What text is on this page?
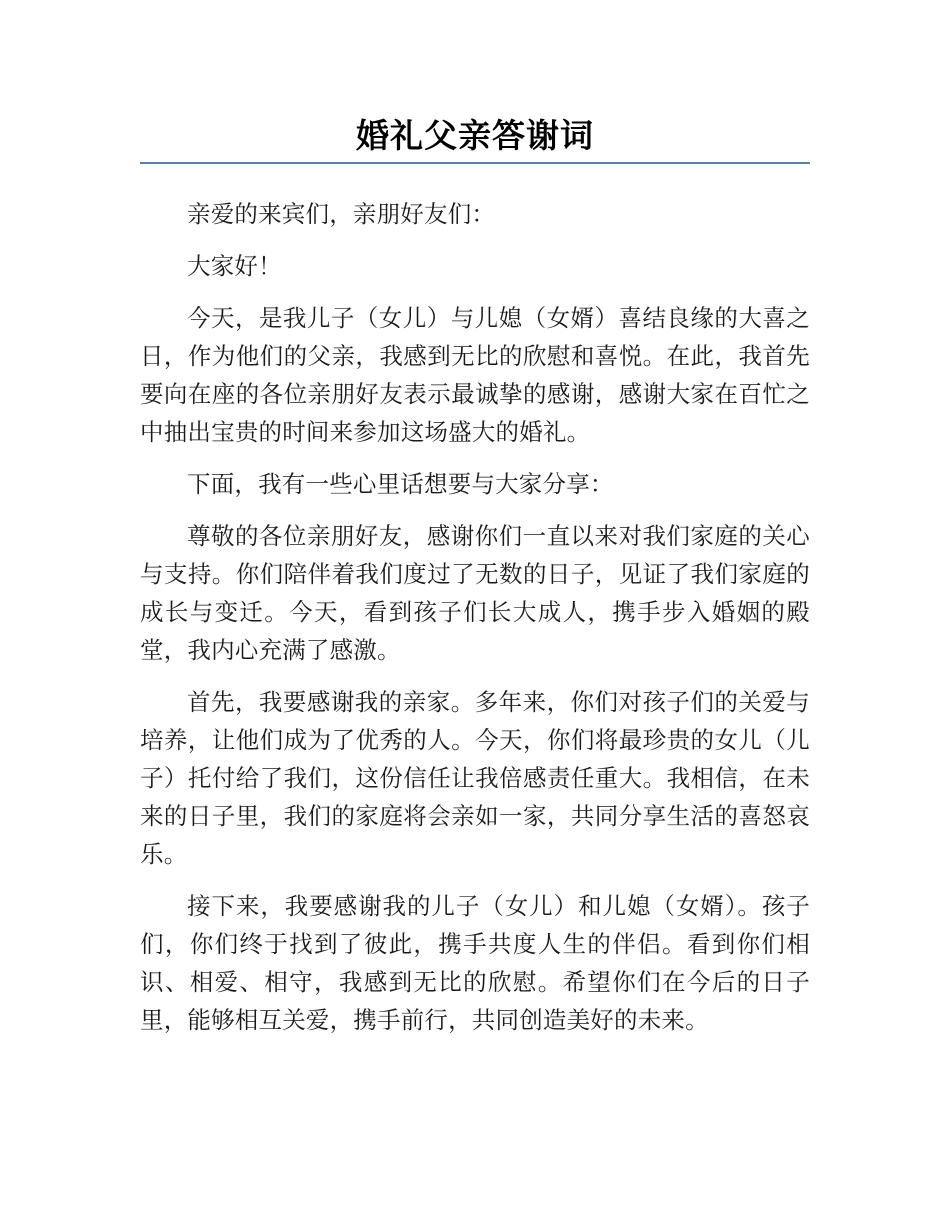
婚礼父亲答谢词

亲爱的来宾们，亲朋好友们：

大家好！

今天，是我儿子（女儿）与儿媳（女婿）喜结良缘的大喜之日，作为他们的父亲，我感到无比的欣慰和喜悦。在此，我首先要向在座的各位亲朋好友表示最诚挚的感谢，感谢大家在百忙之中抽出宝贵的时间来参加这场盛大的婚礼。

下面，我有一些心里话想要与大家分享：

尊敬的各位亲朋好友，感谢你们一直以来对我们家庭的关心与支持。你们陪伴着我们度过了无数的日子，见证了我们家庭的成长与变迁。今天，看到孩子们长大成人，携手步入婚姻的殿堂，我内心充满了感激。

首先，我要感谢我的亲家。多年来，你们对孩子们的关爱与培养，让他们成为了优秀的人。今天，你们将最珍贵的女儿（儿子）托付给了我们，这份信任让我倍感责任重大。我相信，在未来的日子里，我们的家庭将会亲如一家，共同分享生活的喜怒哀乐。

接下来，我要感谢我的儿子（女儿）和儿媳（女婿）。孩子们，你们终于找到了彼此，携手共度人生的伴侣。看到你们相识、相爱、相守，我感到无比的欣慰。希望你们在今后的日子里，能够相互关爱，携手前行，共同创造美好的未来。
